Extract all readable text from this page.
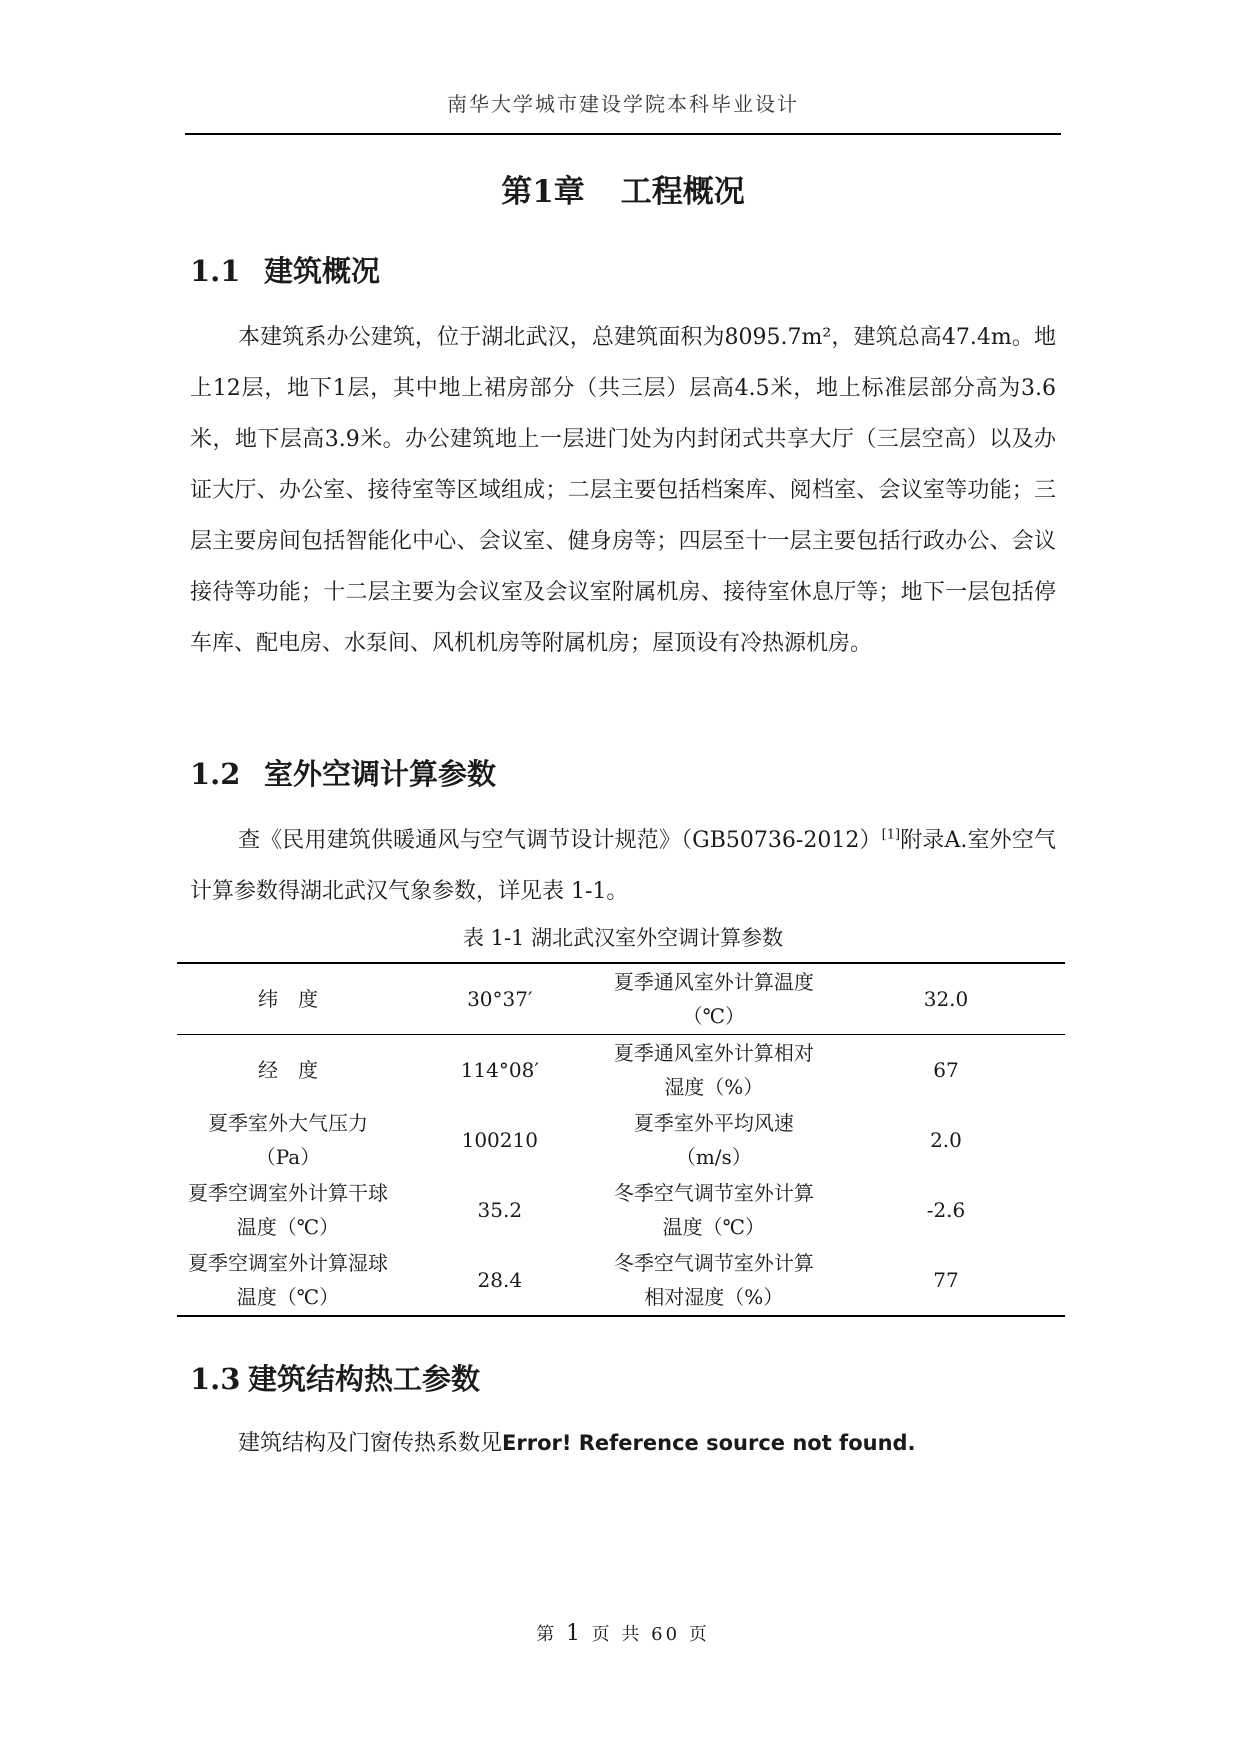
南华大学城市建设学院本科毕业设计
第1章 工程概况
1.1 建筑概况

本建筑系办公建筑，位于湖北武汉，总建筑面积为8095.7m²，建筑总高47.4m。地上12层，地下1层，其中地上裙房部分（共三层）层高4.5米，地上标准层部分高为3.6米，地下层高3.9米。办公建筑地上一层进门处为内封闭式共享大厅（三层空高）以及办证大厅、办公室、接待室等区域组成；二层主要包括档案库、阅档室、会议室等功能；三层主要房间包括智能化中心、会议室、健身房等；四层至十一层主要包括行政办公、会议接待等功能；十二层主要为会议室及会议室附属机房、接待室休息厅等；地下一层包括停车库、配电房、水泵间、风机机房等附属机房；屋顶设有冷热源机房。

1.2 室外空调计算参数

查《民用建筑供暖通风与空气调节设计规范》（GB50736-2012）[1]附录A.室外空气计算参数得湖北武汉气象参数，详见表 1-1。

表 1-1 湖北武汉室外空调计算参数
纬　度	30°37′	夏季通风室外计算温度（℃）	32.0
经　度	114°08′	夏季通风室外计算相对湿度（%）	67
夏季室外大气压力（Pa）	100210	夏季室外平均风速（m/s）	2.0
夏季空调室外计算干球温度（℃）	35.2	冬季空气调节室外计算温度（℃）	-2.6
夏季空调室外计算湿球温度（℃）	28.4	冬季空气调节室外计算相对湿度（%）	77
1.3 建筑结构热工参数

建筑结构及门窗传热系数见Error! Reference source not found.

第 1 页 共 60 页
